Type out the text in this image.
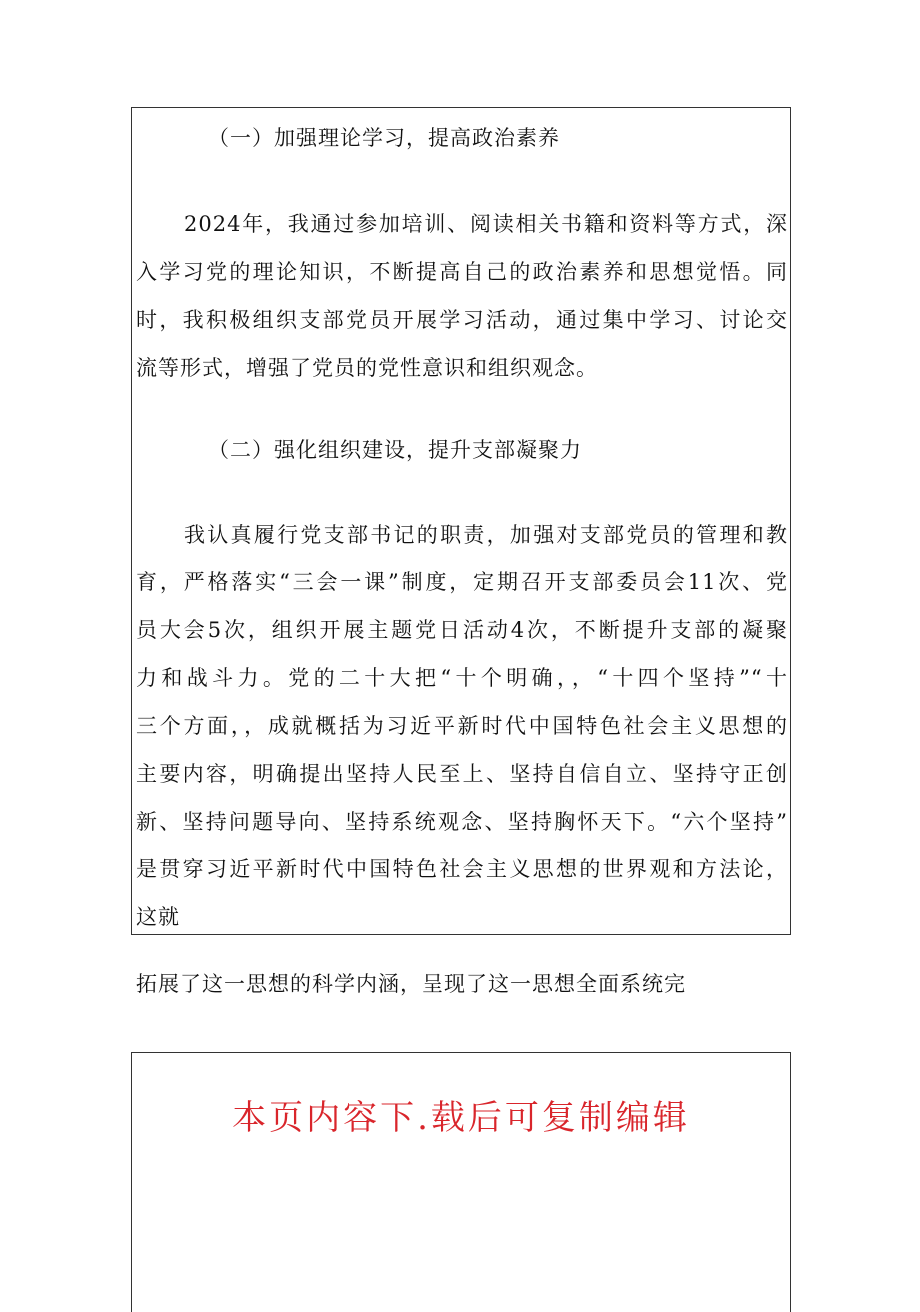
（一）加强理论学习，提高政治素养
2024年，我通过参加培训、阅读相关书籍和资料等方式，深
入学习党的理论知识，不断提高自己的政治素养和思想觉悟。同
时，我积极组织支部党员开展学习活动，通过集中学习、讨论交
流等形式，增强了党员的党性意识和组织观念。
（二）强化组织建设，提升支部凝聚力
我认真履行党支部书记的职责，加强对支部党员的管理和教
育，严格落实“三会一课”制度，定期召开支部委员会11次、党
员大会5次，组织开展主题党日活动4次，不断提升支部的凝聚
力和战斗力。党的二十大把“十个明确，，“十四个坚持”“十
三个方面，，成就概括为习近平新时代中国特色社会主义思想的
主要内容，明确提出坚持人民至上、坚持自信自立、坚持守正创
新、坚持问题导向、坚持系统观念、坚持胸怀天下。“六个坚持”
是贯穿习近平新时代中国特色社会主义思想的世界观和方法论，
这就
拓展了这一思想的科学内涵，呈现了这一思想全面系统完
本页内容下.载后可复制编辑
